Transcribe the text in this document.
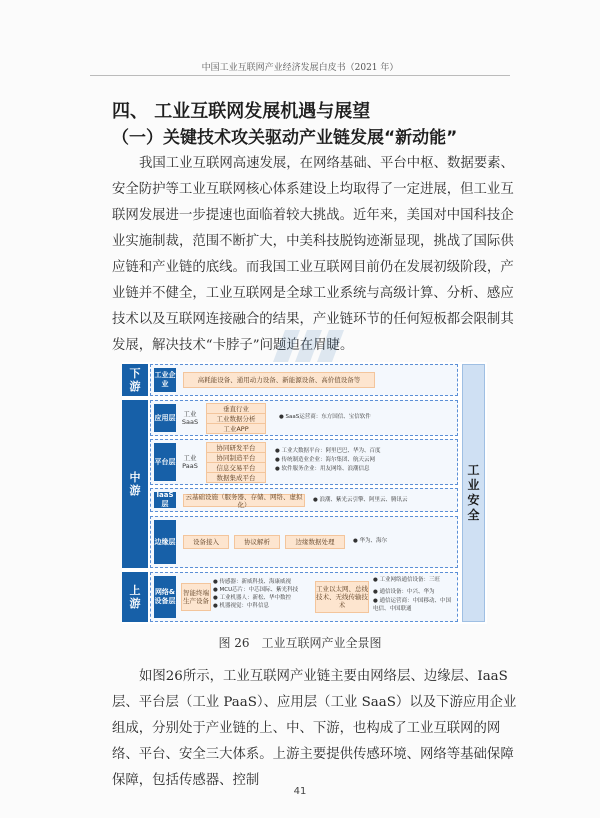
中国工业互联网产业经济发展白皮书（2021 年）
四、 工业互联网发展机遇与展望
（一）关键技术攻关驱动产业链发展“新动能”

我国工业互联网高速发展，在网络基础、平台中枢、数据要素、安全防护等工业互联网核心体系建设上均取得了一定进展，但工业互联网发展进一步提速也面临着较大挑战。近年来，美国对中国科技企业实施制裁，范围不断扩大，中美科技脱钩迹渐显现，挑战了国际供应链和产业链的底线。而我国工业互联网目前仍在发展初级阶段，产业链并不健全，工业互联网是全球工业系统与高级计算、分析、感应技术以及互联网连接融合的结果，产业链环节的任何短板都会限制其发展，解决技术“卡脖子”问题迫在眉睫。

下游
中游
上游
工业企业	高耗能设备、通用动力设备、新能源设备、高价值设备等
应用层	工业SaaS
垂直行业
工业数据分析
工业APP
● SaaS运营商：东方国信、宝信软件
平台层	工业PaaS
协同研发平台
协同制造平台
信息交易平台
数据集成平台
● 工业大数据平台：阿里巴巴、华为、百度
● 传统制造业企业：海尔集团、航天云网
● 软件服务企业：用友网络、浪潮信息
IaaS层
云基础设施（服务器、存储、网络、虚拟化）
● 浪潮、紫光云引擎、阿里云、腾讯云
边缘层	设备接入	协议解析	边缘数据处理	● 华为、海尔
网络&设备层
智能终端生产设备
● 传感器：新威科技、海康威视
● MCU芯片：中芯国际、紫光科技
● 工业机器人：新松、华中数控
● 机器视觉：中科信息
工业以太网、总线技术、无线传输技术
● 工业网络通信设备：三旺
● 通信设备：中兴、华为
● 通信运营商：中国移动、中国电信、中国联通
工业安全
图 26　工业互联网产业全景图

如图26所示，工业互联网产业链主要由网络层、边缘层、IaaS层、平台层（工业 PaaS）、应用层（工业 SaaS）以及下游应用企业组成，分别处于产业链的上、中、下游，也构成了工业互联网的网络、平台、安全三大体系。上游主要提供传感环境、网络等基础保障保障，包括传感器、控制

41
